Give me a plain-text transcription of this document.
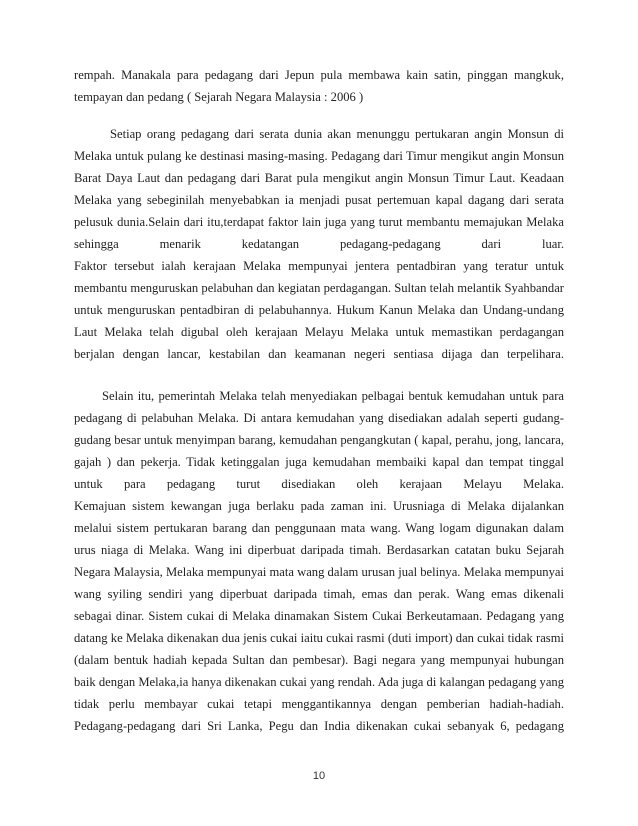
rempah. Manakala para pedagang dari Jepun pula membawa kain satin, pinggan mangkuk,
tempayan dan pedang ( Sejarah Negara Malaysia : 2006 )
Setiap orang pedagang dari serata dunia akan menunggu pertukaran angin Monsun di
Melaka untuk pulang ke destinasi masing-masing. Pedagang dari Timur mengikut angin Monsun
Barat Daya Laut dan pedagang dari Barat pula mengikut angin Monsun Timur Laut. Keadaan
Melaka yang sebeginilah menyebabkan ia menjadi pusat pertemuan kapal dagang dari serata
pelusuk dunia.Selain dari itu,terdapat faktor lain juga yang turut membantu memajukan Melaka
sehingga menarik kedatangan pedagang-pedagang dari luar.
Faktor tersebut ialah kerajaan Melaka mempunyai jentera pentadbiran yang teratur untuk
membantu menguruskan pelabuhan dan kegiatan perdagangan. Sultan telah melantik Syahbandar
untuk menguruskan pentadbiran di pelabuhannya. Hukum Kanun Melaka dan Undang-undang
Laut Melaka telah digubal oleh kerajaan Melayu Melaka untuk memastikan perdagangan
berjalan dengan lancar, kestabilan dan keamanan negeri sentiasa dijaga dan terpelihara.
Selain itu, pemerintah Melaka telah menyediakan pelbagai bentuk kemudahan untuk para
pedagang di pelabuhan Melaka. Di antara kemudahan yang disediakan adalah seperti gudang-
gudang besar untuk menyimpan barang, kemudahan pengangkutan ( kapal, perahu, jong, lancara,
gajah ) dan pekerja. Tidak ketinggalan juga kemudahan membaiki kapal dan tempat tinggal
untuk para pedagang turut disediakan oleh kerajaan Melayu Melaka.
Kemajuan sistem kewangan juga berlaku pada zaman ini. Urusniaga di Melaka dijalankan
melalui sistem pertukaran barang dan penggunaan mata wang. Wang logam digunakan dalam
urus niaga di Melaka. Wang ini diperbuat daripada timah. Berdasarkan catatan buku Sejarah
Negara Malaysia, Melaka mempunyai mata wang dalam urusan jual belinya. Melaka mempunyai
wang syiling sendiri yang diperbuat daripada timah, emas dan perak. Wang emas dikenali
sebagai dinar. Sistem cukai di Melaka dinamakan Sistem Cukai Berkeutamaan. Pedagang yang
datang ke Melaka dikenakan dua jenis cukai iaitu cukai rasmi (duti import) dan cukai tidak rasmi
(dalam bentuk hadiah kepada Sultan dan pembesar). Bagi negara yang mempunyai hubungan
baik dengan Melaka,ia hanya dikenakan cukai yang rendah. Ada juga di kalangan pedagang yang
tidak perlu membayar cukai tetapi menggantikannya dengan pemberian hadiah-hadiah.
Pedagang-pedagang dari Sri Lanka, Pegu dan India dikenakan cukai sebanyak 6, pedagang
10
